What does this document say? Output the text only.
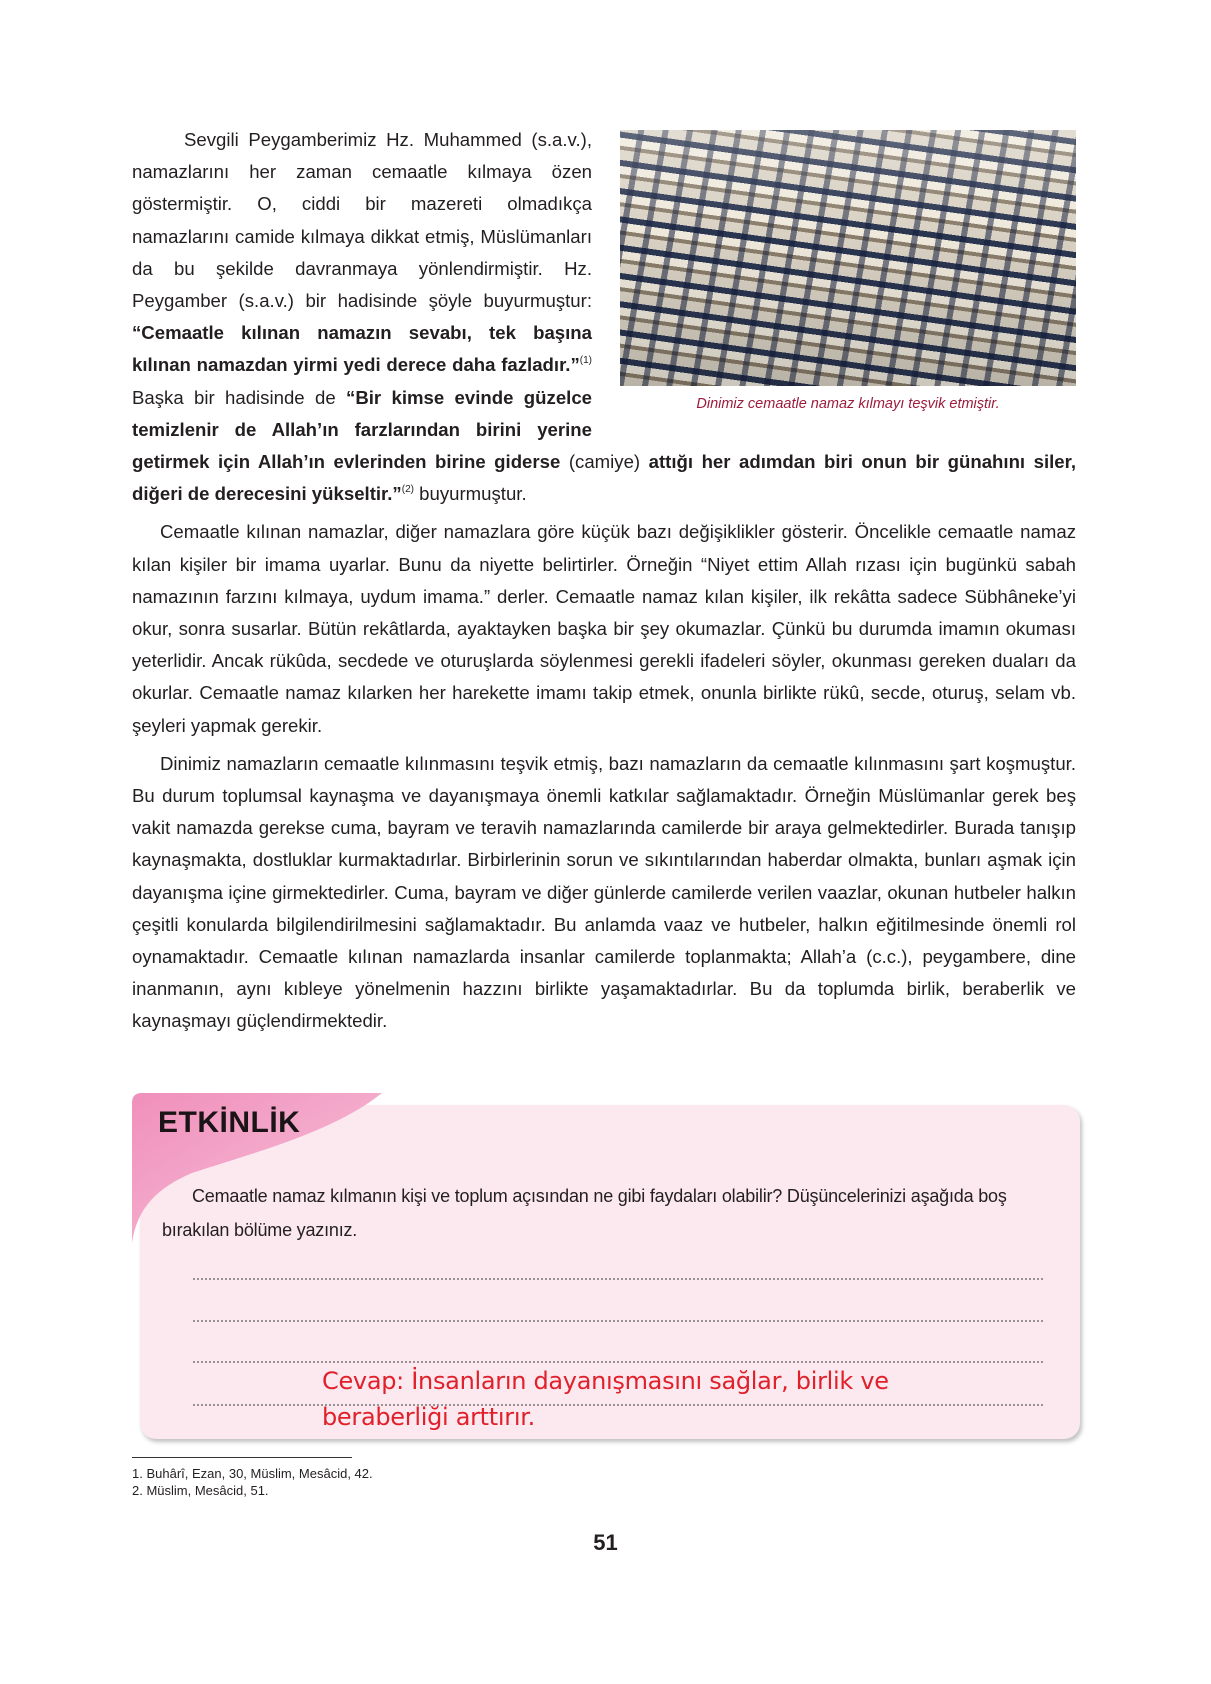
Dinimiz cemaatle namaz kılmayı teşvik etmiştir.

Sevgili Peygamberimiz Hz. Muhammed (s.a.v.), namazlarını her zaman cemaatle kılmaya özen göstermiştir. O, ciddi bir mazereti olmadıkça namazlarını camide kılmaya dikkat etmiş, Müslümanları da bu şekilde davranmaya yönlendirmiştir. Hz. Peygamber (s.a.v.) bir hadisinde şöyle buyurmuştur: “Cemaatle kılınan namazın sevabı, tek başına kılınan namazdan yirmi yedi derece daha fazladır.”$^{(1)}$ Başka bir hadisinde de “Bir kimse evinde güzelce temizlenir de Allah’ın farzlarından birini yerine getirmek için Allah’ın evlerinden birine giderse (camiye) attığı her adımdan biri onun bir günahını siler, diğeri de derecesini yükseltir.”$^{(2)}$ buyurmuştur.

Cemaatle kılınan namazlar, diğer namazlara göre küçük bazı değişiklikler gösterir. Öncelikle cemaatle namaz kılan kişiler bir imama uyarlar. Bunu da niyette belirtirler. Örneğin “Niyet ettim Allah rızası için bugünkü sabah namazının farzını kılmaya, uydum imama.” derler. Cemaatle namaz kılan kişiler, ilk rekâtta sadece Sübhâneke’yi okur, sonra susarlar. Bütün rekâtlarda, ayaktayken başka bir şey okumazlar. Çünkü bu durumda imamın okuması yeterlidir. Ancak rükûda, secdede ve oturuşlarda söylenmesi gerekli ifadeleri söyler, okunması gereken duaları da okurlar. Cemaatle namaz kılarken her harekette imamı takip etmek, onunla birlikte rükû, secde, oturuş, selam vb. şeyleri yapmak gerekir.

Dinimiz namazların cemaatle kılınmasını teşvik etmiş, bazı namazların da cemaatle kılınmasını şart koşmuştur. Bu durum toplumsal kaynaşma ve dayanışmaya önemli katkılar sağlamaktadır. Örneğin Müslümanlar gerek beş vakit namazda gerekse cuma, bayram ve teravih namazlarında camilerde bir araya gelmektedirler. Burada tanışıp kaynaşmakta, dostluklar kurmaktadırlar. Birbirlerinin sorun ve sıkıntılarından haberdar olmakta, bunları aşmak için dayanışma içine girmektedirler. Cuma, bayram ve diğer günlerde camilerde verilen vaazlar, okunan hutbeler halkın çeşitli konularda bilgilendirilmesini sağlamaktadır. Bu anlamda vaaz ve hutbeler, halkın eğitilmesinde önemli rol oynamaktadır. Cemaatle kılınan namazlarda insanlar camilerde toplanmakta; Allah’a (c.c.), peygambere, dine inanmanın, aynı kıbleye yönelmenin hazzını birlikte yaşamaktadırlar. Bu da toplumda birlik, beraberlik ve kaynaşmayı güçlendirmektedir.

ETKİNLİK
Cemaatle namaz kılmanın kişi ve toplum açısından ne gibi faydaları olabilir? Düşüncelerinizi aşağıda boş bırakılan bölüme yazınız.
Cevap: İnsanların dayanışmasını sağlar, birlik ve
beraberliği arttırır.
1. Buhârî, Ezan, 30, Müslim, Mesâcid, 42.
2. Müslim, Mesâcid, 51.
51
